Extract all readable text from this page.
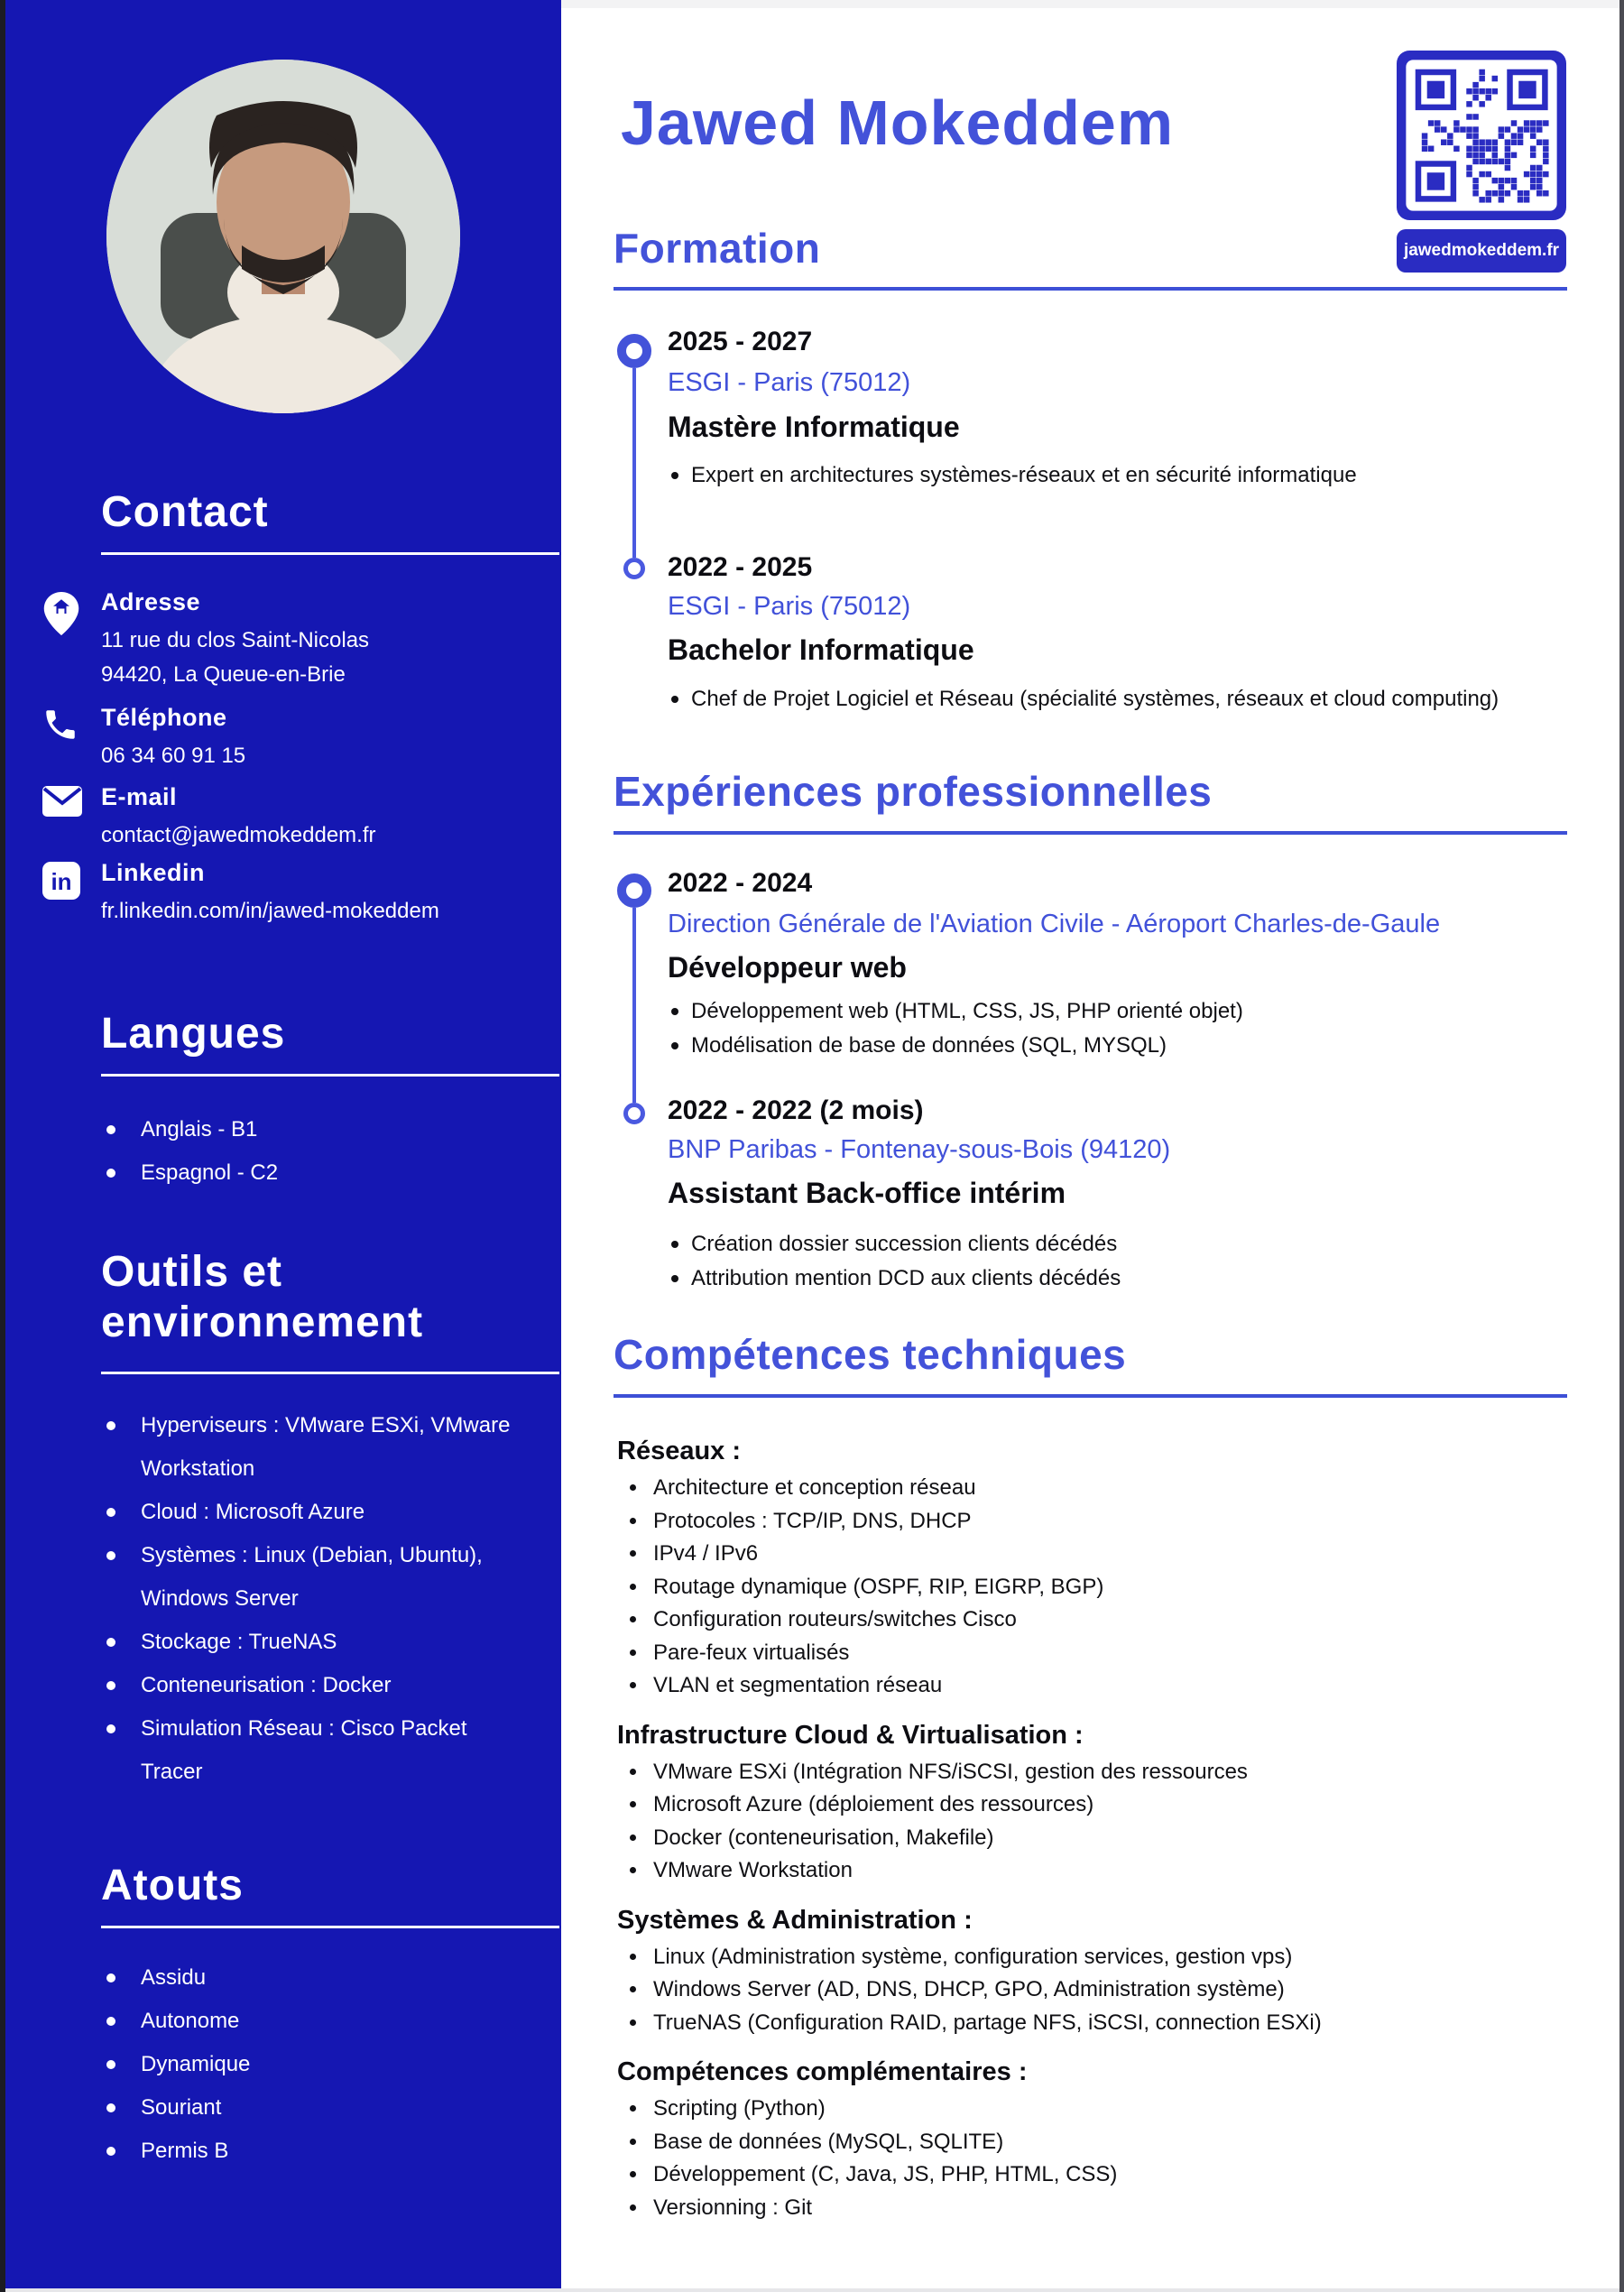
Contact

Adresse

11 rue du clos Saint-Nicolas

94420, La Queue-en-Brie

Téléphone

06 34 60 91 15

E-mail

contact@jawedmokeddem.fr

in Linkedin

fr.linkedin.com/in/jawed-mokeddem

Langues
Anglais - B1
Espagnol - C2
Outils et environnement
Hyperviseurs : VMware ESXi, VMware Workstation
Cloud : Microsoft Azure
Systèmes : Linux (Debian, Ubuntu), Windows Server
Stockage : TrueNAS
Conteneurisation : Docker
Simulation Réseau : Cisco Packet Tracer
Atouts
Assidu
Autonome
Dynamique
Souriant
Permis B
Jawed Mokeddem
jawedmokeddem.fr
Formation

2025 - 2027

ESGI - Paris (75012)

Mastère Informatique

Expert en architectures systèmes-réseaux et en sécurité informatique

2022 - 2025

ESGI - Paris (75012)

Bachelor Informatique

Chef de Projet Logiciel et Réseau (spécialité systèmes, réseaux et cloud computing)
Expériences professionnelles

2022 - 2024

Direction Générale de l'Aviation Civile - Aéroport Charles-de-Gaule

Développeur web

Développement web (HTML, CSS, JS, PHP orienté objet)
Modélisation de base de données (SQL, MYSQL)

2022 - 2022 (2 mois)

BNP Paribas - Fontenay-sous-Bois (94120)

Assistant Back-office intérim

Création dossier succession clients décédés
Attribution mention DCD aux clients décédés
Compétences techniques
Réseaux :
Architecture et conception réseau
Protocoles : TCP/IP, DNS, DHCP
IPv4 / IPv6
Routage dynamique (OSPF, RIP, EIGRP, BGP)
Configuration routeurs/switches Cisco
Pare-feux virtualisés
VLAN et segmentation réseau
Infrastructure Cloud & Virtualisation :
VMware ESXi (Intégration NFS/iSCSI, gestion des ressources
Microsoft Azure (déploiement des ressources)
Docker (conteneurisation, Makefile)
VMware Workstation
Systèmes & Administration :
Linux (Administration système, configuration services, gestion vps)
Windows Server (AD, DNS, DHCP, GPO, Administration système)
TrueNAS (Configuration RAID, partage NFS, iSCSI, connection ESXi)
Compétences complémentaires :
Scripting (Python)
Base de données (MySQL, SQLITE)
Développement (C, Java, JS, PHP, HTML, CSS)
Versionning : Git
